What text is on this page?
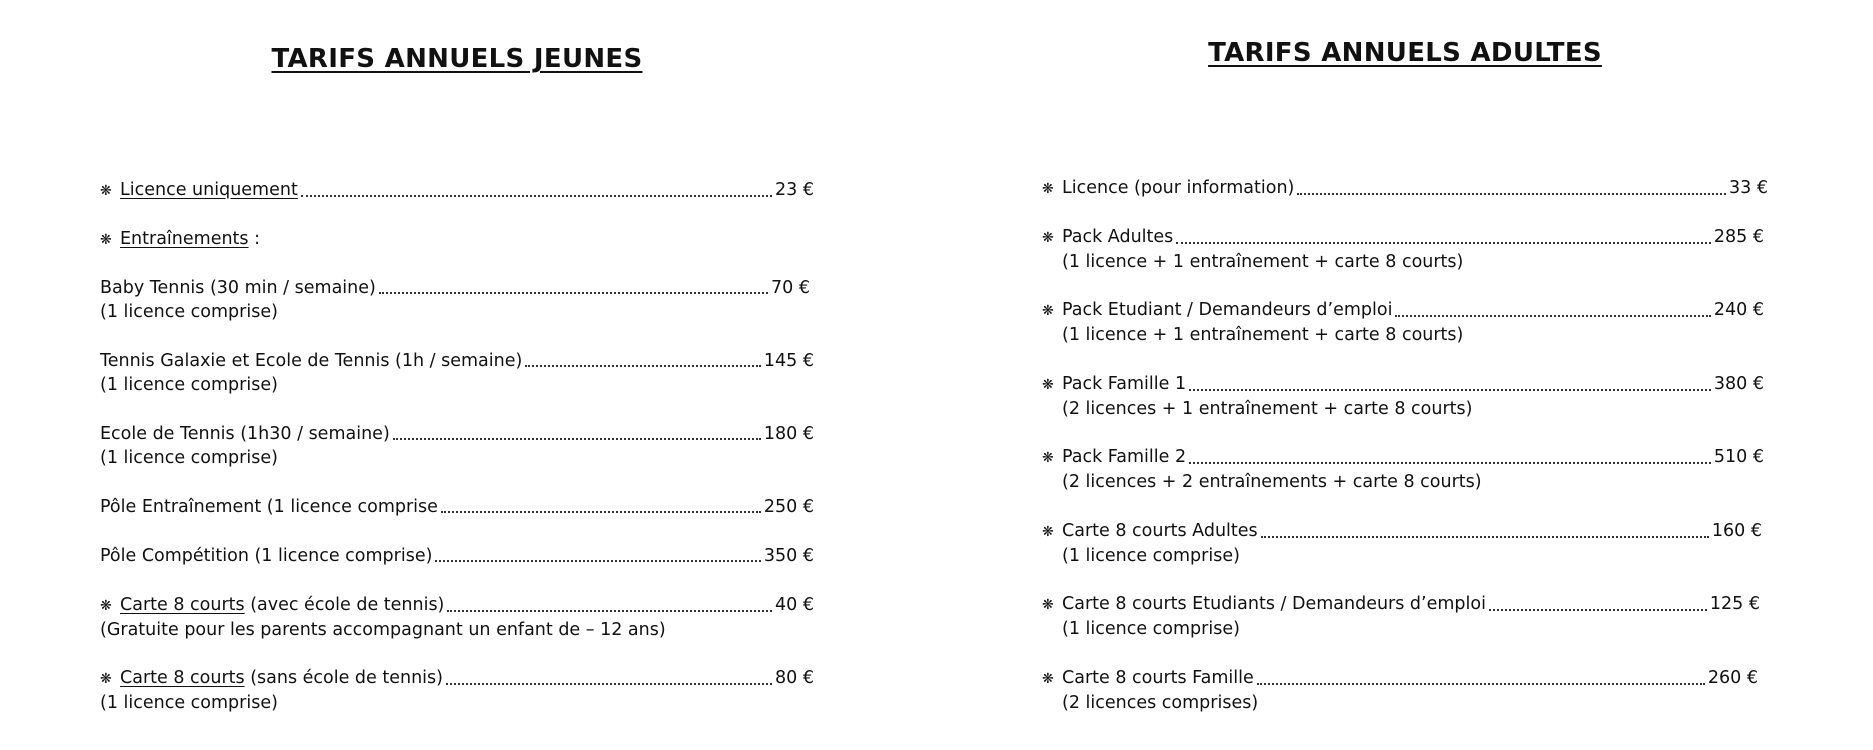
TARIFS ANNUELS JEUNES
❋ Licence uniquement	23 €
❋ Entraînements :
Baby Tennis (30 min / semaine)	70 €
(1 licence comprise)
Tennis Galaxie et Ecole de Tennis (1h / semaine)	145 €
(1 licence comprise)
Ecole de Tennis (1h30 / semaine)	180 €
(1 licence comprise)
Pôle Entraînement (1 licence comprise	250 €
Pôle Compétition (1 licence comprise)	350 €
❋ Carte 8 courts (avec école de tennis)	40 €
(Gratuite pour les parents accompagnant un enfant de – 12 ans)
❋ Carte 8 courts (sans école de tennis)	80 €
(1 licence comprise)
TARIFS ANNUELS ADULTES
❋ Licence (pour information)	33 €
❋ Pack Adultes	285 €
(1 licence + 1 entraînement + carte 8 courts)
❋ Pack Etudiant / Demandeurs d’emploi	240 €
(1 licence + 1 entraînement + carte 8 courts)
❋ Pack Famille 1	380 €
(2 licences + 1 entraînement + carte 8 courts)
❋ Pack Famille 2	510 €
(2 licences + 2 entraînements + carte 8 courts)
❋ Carte 8 courts Adultes	160 €
(1 licence comprise)
❋ Carte 8 courts Etudiants / Demandeurs d’emploi	125 €
(1 licence comprise)
❋ Carte 8 courts Famille	260 €
(2 licences comprises)
